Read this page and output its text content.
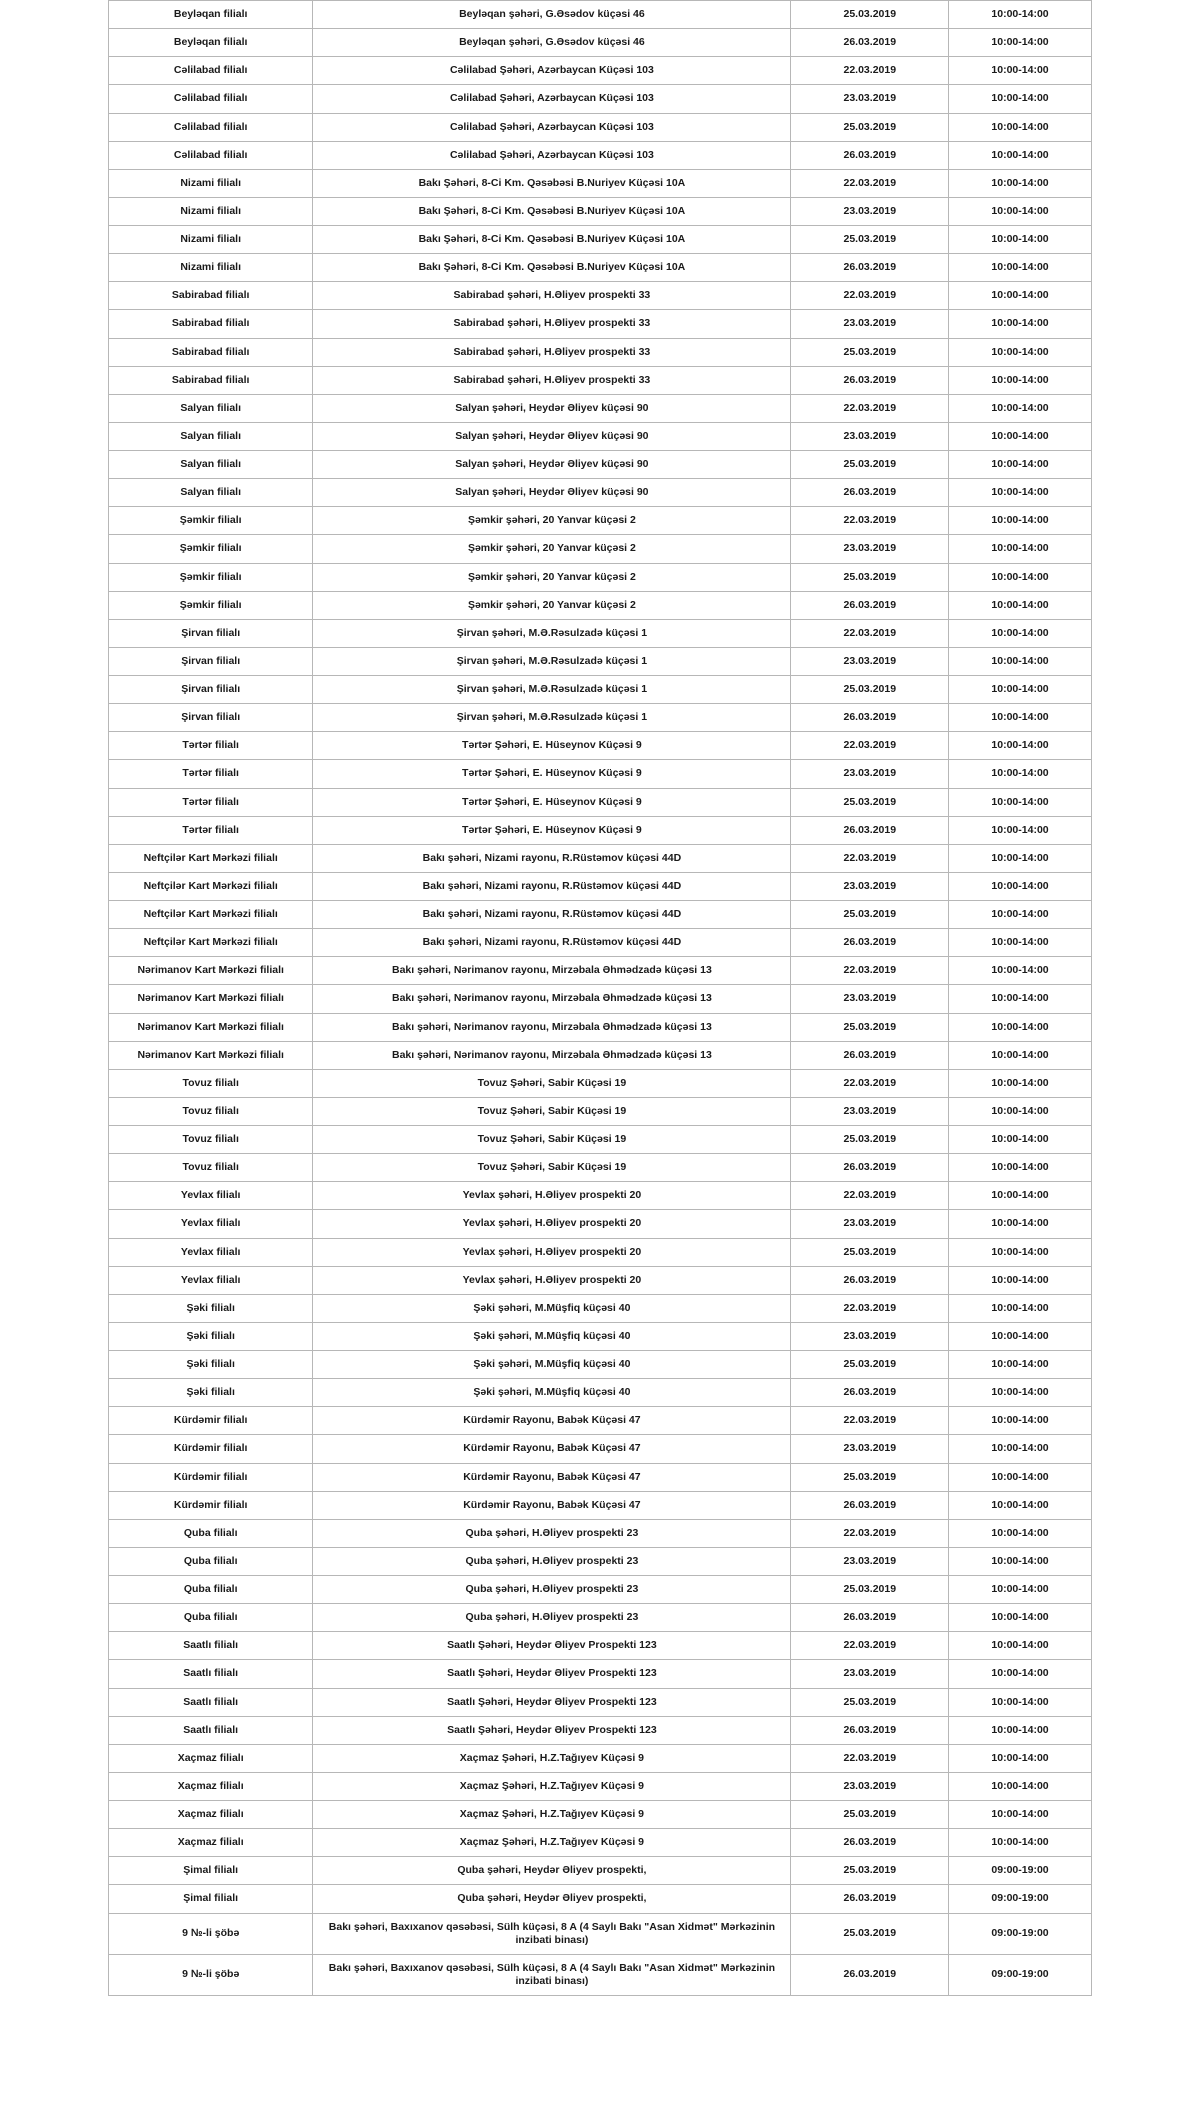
Beyləqan filialı	Beyləqan şəhəri, G.Əsədov küçəsi 46	25.03.2019	10:00-14:00
Beyləqan filialı	Beyləqan şəhəri, G.Əsədov küçəsi 46	26.03.2019	10:00-14:00
Cəlilabad filialı	Cəlilabad Şəhəri, Azərbaycan Küçəsi 103	22.03.2019	10:00-14:00
Cəlilabad filialı	Cəlilabad Şəhəri, Azərbaycan Küçəsi 103	23.03.2019	10:00-14:00
Cəlilabad filialı	Cəlilabad Şəhəri, Azərbaycan Küçəsi 103	25.03.2019	10:00-14:00
Cəlilabad filialı	Cəlilabad Şəhəri, Azərbaycan Küçəsi 103	26.03.2019	10:00-14:00
Nizami filialı	Bakı Şəhəri, 8-Ci Km. Qəsəbəsi B.Nuriyev Küçəsi 10A	22.03.2019	10:00-14:00
Nizami filialı	Bakı Şəhəri, 8-Ci Km. Qəsəbəsi B.Nuriyev Küçəsi 10A	23.03.2019	10:00-14:00
Nizami filialı	Bakı Şəhəri, 8-Ci Km. Qəsəbəsi B.Nuriyev Küçəsi 10A	25.03.2019	10:00-14:00
Nizami filialı	Bakı Şəhəri, 8-Ci Km. Qəsəbəsi B.Nuriyev Küçəsi 10A	26.03.2019	10:00-14:00
Sabirabad filialı	Sabirabad şəhəri, H.Əliyev prospekti 33	22.03.2019	10:00-14:00
Sabirabad filialı	Sabirabad şəhəri, H.Əliyev prospekti 33	23.03.2019	10:00-14:00
Sabirabad filialı	Sabirabad şəhəri, H.Əliyev prospekti 33	25.03.2019	10:00-14:00
Sabirabad filialı	Sabirabad şəhəri, H.Əliyev prospekti 33	26.03.2019	10:00-14:00
Salyan filialı	Salyan şəhəri, Heydər Əliyev küçəsi 90	22.03.2019	10:00-14:00
Salyan filialı	Salyan şəhəri, Heydər Əliyev küçəsi 90	23.03.2019	10:00-14:00
Salyan filialı	Salyan şəhəri, Heydər Əliyev küçəsi 90	25.03.2019	10:00-14:00
Salyan filialı	Salyan şəhəri, Heydər Əliyev küçəsi 90	26.03.2019	10:00-14:00
Şəmkir filialı	Şəmkir şəhəri, 20 Yanvar küçəsi 2	22.03.2019	10:00-14:00
Şəmkir filialı	Şəmkir şəhəri, 20 Yanvar küçəsi 2	23.03.2019	10:00-14:00
Şəmkir filialı	Şəmkir şəhəri, 20 Yanvar küçəsi 2	25.03.2019	10:00-14:00
Şəmkir filialı	Şəmkir şəhəri, 20 Yanvar küçəsi 2	26.03.2019	10:00-14:00
Şirvan filialı	Şirvan şəhəri, M.Ə.Rəsulzadə küçəsi 1	22.03.2019	10:00-14:00
Şirvan filialı	Şirvan şəhəri, M.Ə.Rəsulzadə küçəsi 1	23.03.2019	10:00-14:00
Şirvan filialı	Şirvan şəhəri, M.Ə.Rəsulzadə küçəsi 1	25.03.2019	10:00-14:00
Şirvan filialı	Şirvan şəhəri, M.Ə.Rəsulzadə küçəsi 1	26.03.2019	10:00-14:00
Tərtər filialı	Tərtər Şəhəri, E. Hüseynov Küçəsi 9	22.03.2019	10:00-14:00
Tərtər filialı	Tərtər Şəhəri, E. Hüseynov Küçəsi 9	23.03.2019	10:00-14:00
Tərtər filialı	Tərtər Şəhəri, E. Hüseynov Küçəsi 9	25.03.2019	10:00-14:00
Tərtər filialı	Tərtər Şəhəri, E. Hüseynov Küçəsi 9	26.03.2019	10:00-14:00
Neftçilər Kart Mərkəzi filialı	Bakı şəhəri, Nizami rayonu, R.Rüstəmov küçəsi 44D	22.03.2019	10:00-14:00
Neftçilər Kart Mərkəzi filialı	Bakı şəhəri, Nizami rayonu, R.Rüstəmov küçəsi 44D	23.03.2019	10:00-14:00
Neftçilər Kart Mərkəzi filialı	Bakı şəhəri, Nizami rayonu, R.Rüstəmov küçəsi 44D	25.03.2019	10:00-14:00
Neftçilər Kart Mərkəzi filialı	Bakı şəhəri, Nizami rayonu, R.Rüstəmov küçəsi 44D	26.03.2019	10:00-14:00
Nərimanov Kart Mərkəzi filialı	Bakı şəhəri, Nərimanov rayonu, Mirzəbala Əhmədzadə küçəsi 13	22.03.2019	10:00-14:00
Nərimanov Kart Mərkəzi filialı	Bakı şəhəri, Nərimanov rayonu, Mirzəbala Əhmədzadə küçəsi 13	23.03.2019	10:00-14:00
Nərimanov Kart Mərkəzi filialı	Bakı şəhəri, Nərimanov rayonu, Mirzəbala Əhmədzadə küçəsi 13	25.03.2019	10:00-14:00
Nərimanov Kart Mərkəzi filialı	Bakı şəhəri, Nərimanov rayonu, Mirzəbala Əhmədzadə küçəsi 13	26.03.2019	10:00-14:00
Tovuz filialı	Tovuz Şəhəri, Sabir Küçəsi 19	22.03.2019	10:00-14:00
Tovuz filialı	Tovuz Şəhəri, Sabir Küçəsi 19	23.03.2019	10:00-14:00
Tovuz filialı	Tovuz Şəhəri, Sabir Küçəsi 19	25.03.2019	10:00-14:00
Tovuz filialı	Tovuz Şəhəri, Sabir Küçəsi 19	26.03.2019	10:00-14:00
Yevlax filialı	Yevlax şəhəri, H.Əliyev prospekti 20	22.03.2019	10:00-14:00
Yevlax filialı	Yevlax şəhəri, H.Əliyev prospekti 20	23.03.2019	10:00-14:00
Yevlax filialı	Yevlax şəhəri, H.Əliyev prospekti 20	25.03.2019	10:00-14:00
Yevlax filialı	Yevlax şəhəri, H.Əliyev prospekti 20	26.03.2019	10:00-14:00
Şəki filialı	Şəki şəhəri, M.Müşfiq küçəsi 40	22.03.2019	10:00-14:00
Şəki filialı	Şəki şəhəri, M.Müşfiq küçəsi 40	23.03.2019	10:00-14:00
Şəki filialı	Şəki şəhəri, M.Müşfiq küçəsi 40	25.03.2019	10:00-14:00
Şəki filialı	Şəki şəhəri, M.Müşfiq küçəsi 40	26.03.2019	10:00-14:00
Kürdəmir filialı	Kürdəmir Rayonu, Babək Küçəsi 47	22.03.2019	10:00-14:00
Kürdəmir filialı	Kürdəmir Rayonu, Babək Küçəsi 47	23.03.2019	10:00-14:00
Kürdəmir filialı	Kürdəmir Rayonu, Babək Küçəsi 47	25.03.2019	10:00-14:00
Kürdəmir filialı	Kürdəmir Rayonu, Babək Küçəsi 47	26.03.2019	10:00-14:00
Quba filialı	Quba şəhəri, H.Əliyev prospekti 23	22.03.2019	10:00-14:00
Quba filialı	Quba şəhəri, H.Əliyev prospekti 23	23.03.2019	10:00-14:00
Quba filialı	Quba şəhəri, H.Əliyev prospekti 23	25.03.2019	10:00-14:00
Quba filialı	Quba şəhəri, H.Əliyev prospekti 23	26.03.2019	10:00-14:00
Saatlı filialı	Saatlı Şəhəri, Heydər Əliyev Prospekti 123	22.03.2019	10:00-14:00
Saatlı filialı	Saatlı Şəhəri, Heydər Əliyev Prospekti 123	23.03.2019	10:00-14:00
Saatlı filialı	Saatlı Şəhəri, Heydər Əliyev Prospekti 123	25.03.2019	10:00-14:00
Saatlı filialı	Saatlı Şəhəri, Heydər Əliyev Prospekti 123	26.03.2019	10:00-14:00
Xaçmaz filialı	Xaçmaz Şəhəri, H.Z.Tağıyev Küçəsi 9	22.03.2019	10:00-14:00
Xaçmaz filialı	Xaçmaz Şəhəri, H.Z.Tağıyev Küçəsi 9	23.03.2019	10:00-14:00
Xaçmaz filialı	Xaçmaz Şəhəri, H.Z.Tağıyev Küçəsi 9	25.03.2019	10:00-14:00
Xaçmaz filialı	Xaçmaz Şəhəri, H.Z.Tağıyev Küçəsi 9	26.03.2019	10:00-14:00
Şimal filialı	Quba şəhəri, Heydər Əliyev prospekti,	25.03.2019	09:00-19:00
Şimal filialı	Quba şəhəri, Heydər Əliyev prospekti,	26.03.2019	09:00-19:00
9 №-li şöbə	Bakı şəhəri, Baxıxanov qəsəbəsi, Sülh küçəsi, 8 A (4 Saylı Bakı "Asan Xidmət" Mərkəzinin inzibati binası)	25.03.2019	09:00-19:00
9 №-li şöbə	Bakı şəhəri, Baxıxanov qəsəbəsi, Sülh küçəsi, 8 A (4 Saylı Bakı "Asan Xidmət" Mərkəzinin inzibati binası)	26.03.2019	09:00-19:00
